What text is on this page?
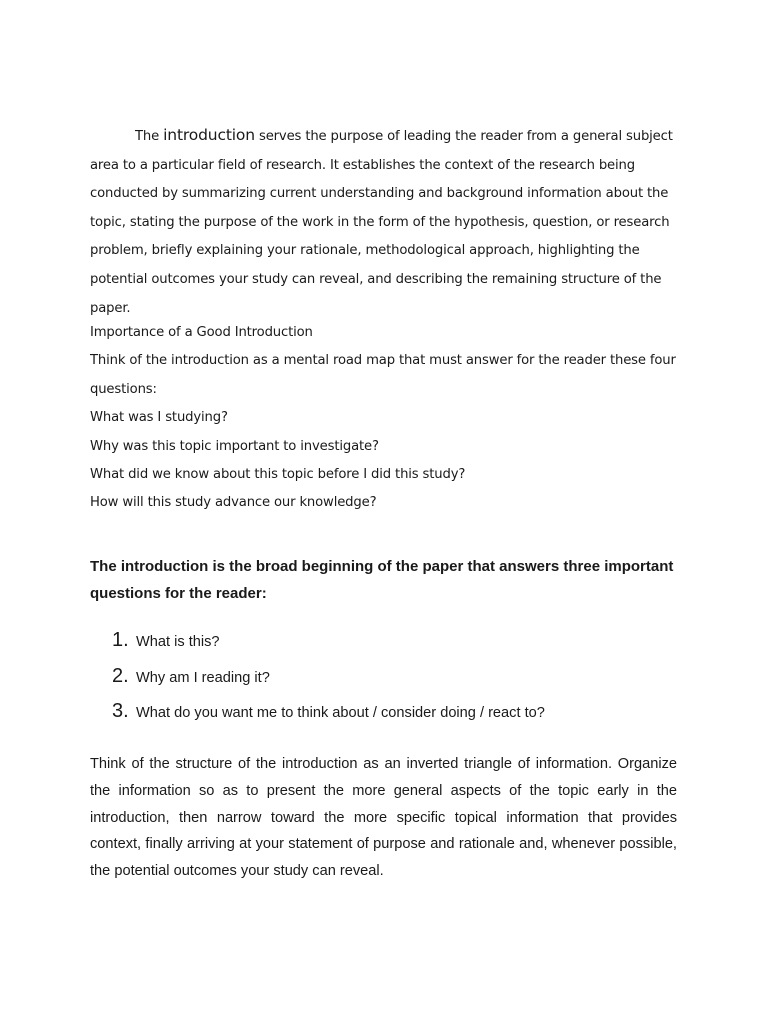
The introduction serves the purpose of leading the reader from a general subject area to a particular field of research. It establishes the context of the research being conducted by summarizing current understanding and background information about the topic, stating the purpose of the work in the form of the hypothesis, question, or research problem, briefly explaining your rationale, methodological approach, highlighting the potential outcomes your study can reveal, and describing the remaining structure of the paper.

Importance of a Good Introduction
Think of the introduction as a mental road map that must answer for the reader these four
questions:
What was I studying?
Why was this topic important to investigate?
What did we know about this topic before I did this study?
How will this study advance our knowledge?

The introduction is the broad beginning of the paper that answers three important questions for the reader:

1. What is this?
2. Why am I reading it?
3. What do you want me to think about / consider doing / react to?

Think of the structure of the introduction as an inverted triangle of information. Organize the information so as to present the more general aspects of the topic early in the introduction, then narrow toward the more specific topical information that provides context, finally arriving at your statement of purpose and rationale and, whenever possible, the potential outcomes your study can reveal.
